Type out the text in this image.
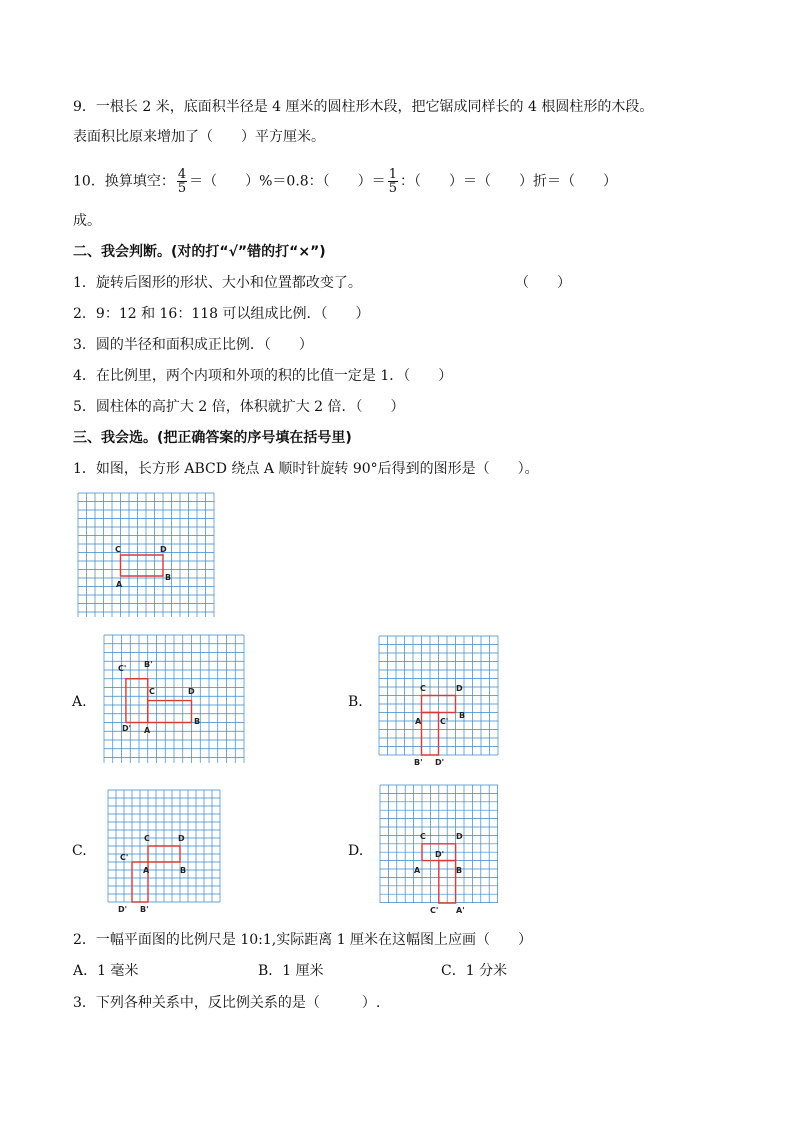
9．一根长 2 米，底面积半径是 4 厘米的圆柱形木段，把它锯成同样长的 4 根圆柱形的木段。
表面积比原来增加了（　　）平方厘米。
10．换算填空： $\frac{4}{5}$ ＝（　　）%＝0.8：（　　）＝ $\frac{1}{5}$ ：（　　）＝（　　）折＝（　　）
成。
二、我会判断。(对的打“√”错的打“×”)
1．旋转后图形的形状、大小和位置都改变了。	（　　）
2．9：12 和 16：118 可以组成比例．（　　）
3．圆的半径和面积成正比例．（　　）
4．在比例里，两个内项和外项的积的比值一定是 1．（　　）
5．圆柱体的高扩大 2 倍，体积就扩大 2 倍．（　　）
三、我会选。(把正确答案的序号填在括号里)
1．如图，长方形 ABCD 绕点 A 顺时针旋转 90°后得到的图形是（　　）。
C	D
A
B
A.
C' B'
C	D
D' A
B
B.
C	D
A C'
B
B' D'
C.
C	D
C'
A	B
D' B'
D.
C	D
D'
A	B
C' A'
2．一幅平面图的比例尺是 10:1,实际距离 1 厘米在这幅图上应画（　　）
A．1 毫米	B．1 厘米	C．1 分米
3．下列各种关系中，反比例关系的是（　　　）.
